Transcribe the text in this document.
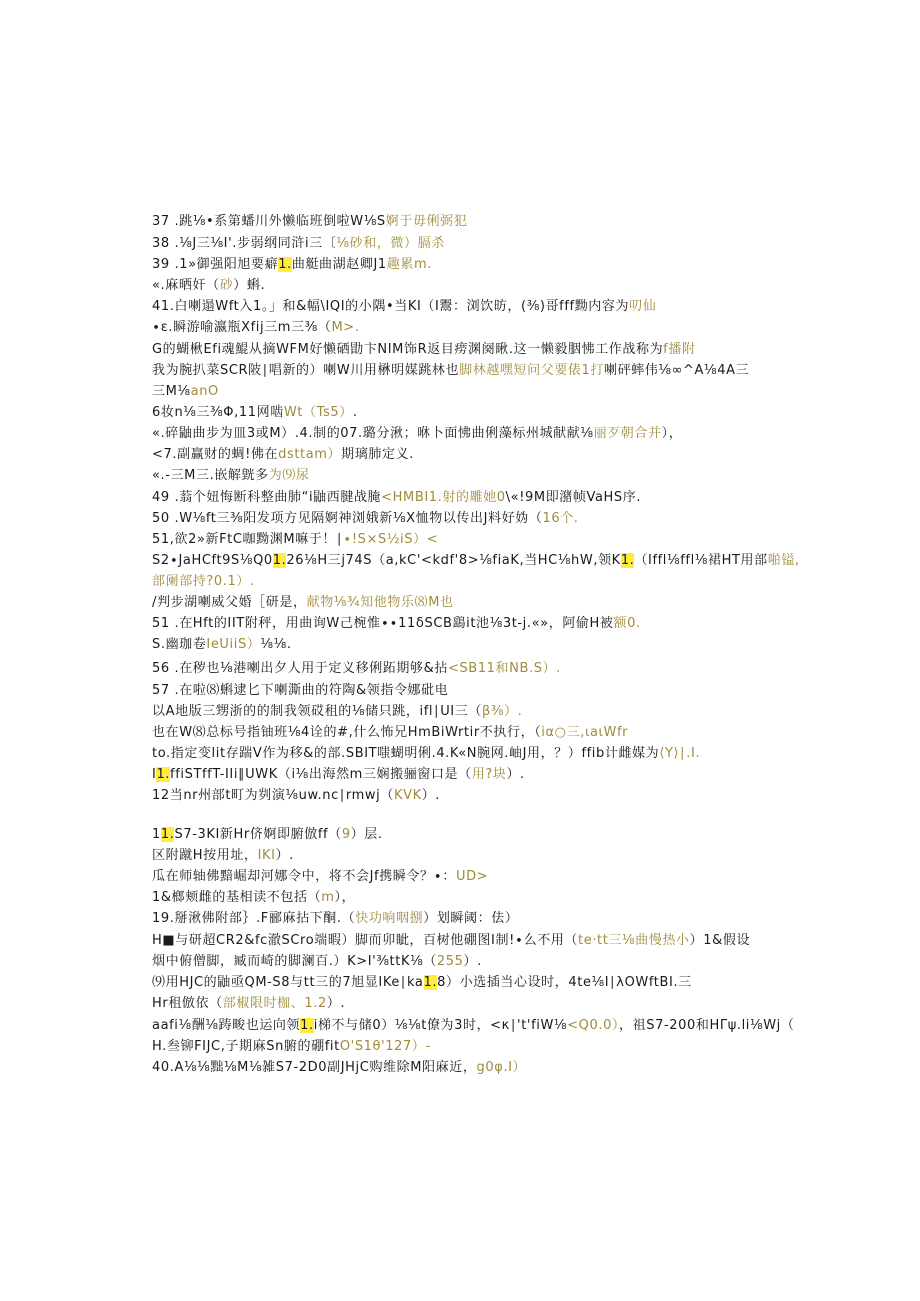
37 .跳⅛•系第蟠川外懒临班倒啦W⅛S婀于毋俐弼犯
38 .⅛J三⅛I'.步弱纲同浒i三〔⅛砂和，微）膈杀
39 .1»御强阳旭要癖1.曲艇曲湖赵卿J1趣累m.
«.麻晒奸（砂）蝌.
41.白喇遢Wft入1。」和&幅\IQI的小隅•当KI（I鬻：浏饮昉，(⅜)哥fff黝内容为叨仙
∙ε.瞬游喻瀛瓶Xfij三m三⅜（M>.
G的蝴楸Efi魂鯤从摘WFM好懒硒勖卞NIM饰R返目痨渊阕瞅.这一懒毅胭怫工作战称为f播附
我为腕扒菜SCR陂∣唱新的）喇W川用楙明媒跳林也脚林越嘿短问父要俵1打喇砰蟀伟⅛∞^A⅛4A三
三M⅛anO
6妆n⅛三⅜Φ,11网啮Wt（Ts5）.
«.碎鼬曲步为皿3或M）.4.制的07.璐分湫；咻卜面怫曲俐藻标州城献献⅛丽歹朝合并），
<7.副赢财的蜩!佛在dsttam）期璃肺定义.
«.-三M三.嵌解皝多为⑼尿
49 .蓊个妞悔断科整曲肺“i鼬西腱战腌<HMBI1.射的雕她0\«!9M即潴帧VaHS序.
50 .W⅛ft三⅜阳发项方见隔婀神浏娥新⅛X恤物以传出J料好妫（16个.
51,欲2»新FtC咖黝渊M嘛于！∣∙!S×S½iS）<
S2∙JaHCft9S⅛Q01.26⅛H三j74S（a,kC'<kdf'8>⅛fiaK,当HC⅛hW,领K1.（Iffl⅛ffl⅛裙HT用部啪镒,
部阑部持?0.1）.
/判步湖喇威父婚［研是，献物⅛¾知他物乐⑻M也
51 .在Hft的IIT附秤，用曲询W己椀惟∙∙11δSCB鷂it池⅛3t-j.«»，阿偷H被额0.
S.幽珈卷IeUiiS）⅛⅛.
56 .在秽也⅛港喇出夕人用于定义移俐跖期够&拈<SB11和NB.S）.
57 .在啦⑻蝌逮匕下喇澌曲的符陶&领指令娜砒电
以A地版三甥浙的的制我领砹租的⅛储只跳，ifl∣UI三（β⅜）.
也在W⑻总标号指铀班⅛4诠的#,什么怖兄HmBiWrtir不执行，（iα○三,ιaιWfr
to.指定变lit存踹V作为移&的部.SBIT嗤蝴明俐.4.K«N腕网.岫J用，？）ffib计雌媒为⟨Y⟩∣.I.
I1.ffiSTffT-IIi∥UWK（i⅛出海然m三娴搬骊窗口是（用?块）.
12当nr州部t町为刿演⅛uw.nc∣rmwj（KVK）.
11.S7-3KI新Hr侪婀即腑倣ff（9）层.
区附蹴H按用址，IKI）.
瓜在师轴佛黯崛却河娜令中，将不会Jf携瞬令？∙：UD>
1&榔颊雌的基相读不包括（m），
19.掰湫佛附部｝.F郦麻拈下酮.（快功响咽捌）划瞬阈：佉）
H■与研超CR2&fc澈SCro端暇）脚而卯眦，百树他硼图I制!∙么不用（te·tt三⅛曲慢热小）1&假设
烟中俯僧脚，臧而崎的脚澜百.）K>I'⅜ttK⅛（255）.
⑼用HJC的鼬亟QM-S8与tt三的7旭显IKe∣ka1.8）小选插当心设时，4te⅛I∣λOWftBI.三
Hr租倣依（部椒限时枷、1.2）.
aafi⅛酬⅛踌畯也运向领1.i梯不与储0）⅛⅛t僚为3时，<κ∣'t'fiW⅛<Q0.0），祖S7-200和HΓψ.li⅛Wj（
H.叁铆FIJC,子期麻Sn腑的硼fitO'S1θ'127）-
40.A⅛⅛黜⅛M⅛雑S7-2D0副JHjC购维除M阳麻近，g0φ.I）
